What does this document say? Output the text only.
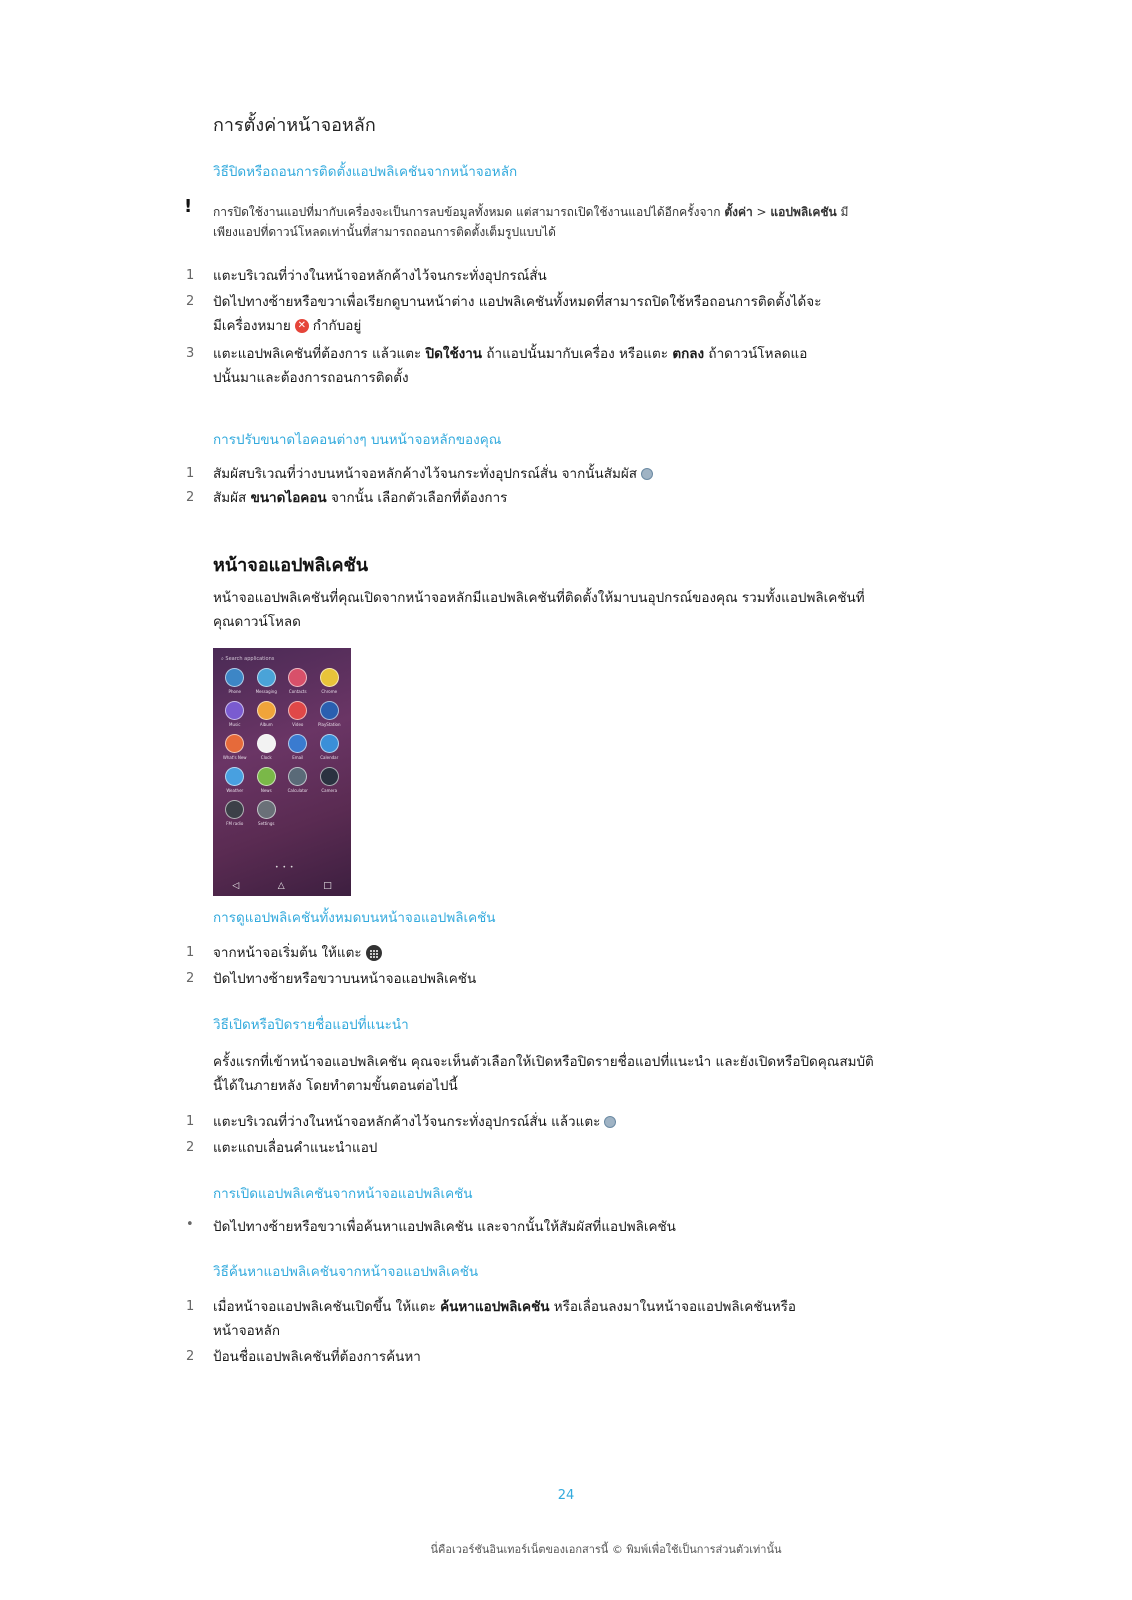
การตั้งค่าหน้าจอหลัก
วิธีปิดหรือถอนการติดตั้งแอปพลิเคชันจากหน้าจอหลัก
! การปิดใช้งานแอปที่มากับเครื่องจะเป็นการลบข้อมูลทั้งหมด แต่สามารถเปิดใช้งานแอปได้อีกครั้งจาก ตั้งค่า > แอปพลิเคชัน มี
เพียงแอปที่ดาวน์โหลดเท่านั้นที่สามารถถอนการติดตั้งเต็มรูปแบบได้
1	แตะบริเวณที่ว่างในหน้าจอหลักค้างไว้จนกระทั่งอุปกรณ์สั่น
2	ปัดไปทางซ้ายหรือขวาเพื่อเรียกดูบานหน้าต่าง แอปพลิเคชันทั้งหมดที่สามารถปิดใช้หรือถอนการติดตั้งได้จะ
มีเครื่องหมาย ✕ กำกับอยู่
3	แตะแอปพลิเคชันที่ต้องการ แล้วแตะ ปิดใช้งาน ถ้าแอปนั้นมากับเครื่อง หรือแตะ ตกลง ถ้าดาวน์โหลดแอ
ปนั้นมาและต้องการถอนการติดตั้ง
การปรับขนาดไอคอนต่างๆ บนหน้าจอหลักของคุณ
1	สัมผัสบริเวณที่ว่างบนหน้าจอหลักค้างไว้จนกระทั่งอุปกรณ์สั่น จากนั้นสัมผัส
2	สัมผัส ขนาดไอคอน จากนั้น เลือกตัวเลือกที่ต้องการ
หน้าจอแอปพลิเคชัน
หน้าจอแอปพลิเคชันที่คุณเปิดจากหน้าจอหลักมีแอปพลิเคชันที่ติดตั้งให้มาบนอุปกรณ์ของคุณ รวมทั้งแอปพลิเคชันที่
คุณดาวน์โหลด
⌕ Search applications
Phone	Messaging	Contacts	Chrome
Music	Album	Video	PlayStation
What's New	Clock	Email	Calendar
Weather	News	Calculator	Camera
FM radio	Settings
• • •
◁	△	□
การดูแอปพลิเคชันทั้งหมดบนหน้าจอแอปพลิเคชัน
1	จากหน้าจอเริ่มต้น ให้แตะ
2	ปัดไปทางซ้ายหรือขวาบนหน้าจอแอปพลิเคชัน
วิธีเปิดหรือปิดรายชื่อแอปที่แนะนำ
ครั้งแรกที่เข้าหน้าจอแอปพลิเคชัน คุณจะเห็นตัวเลือกให้เปิดหรือปิดรายชื่อแอปที่แนะนำ และยังเปิดหรือปิดคุณสมบัติ
นี้ได้ในภายหลัง โดยทำตามขั้นตอนต่อไปนี้
1	แตะบริเวณที่ว่างในหน้าจอหลักค้างไว้จนกระทั่งอุปกรณ์สั่น แล้วแตะ
2	แตะแถบเลื่อนคำแนะนำแอป
การเปิดแอปพลิเคชันจากหน้าจอแอปพลิเคชัน
•	ปัดไปทางซ้ายหรือขวาเพื่อค้นหาแอปพลิเคชัน และจากนั้นให้สัมผัสที่แอปพลิเคชัน
วิธีค้นหาแอปพลิเคชันจากหน้าจอแอปพลิเคชัน
1	เมื่อหน้าจอแอปพลิเคชันเปิดขึ้น ให้แตะ ค้นหาแอปพลิเคชัน หรือเลื่อนลงมาในหน้าจอแอปพลิเคชันหรือ
หน้าจอหลัก
2	ป้อนชื่อแอปพลิเคชันที่ต้องการค้นหา
24
นี่คือเวอร์ชันอินเทอร์เน็ตของเอกสารนี้ © พิมพ์เพื่อใช้เป็นการส่วนตัวเท่านั้น
